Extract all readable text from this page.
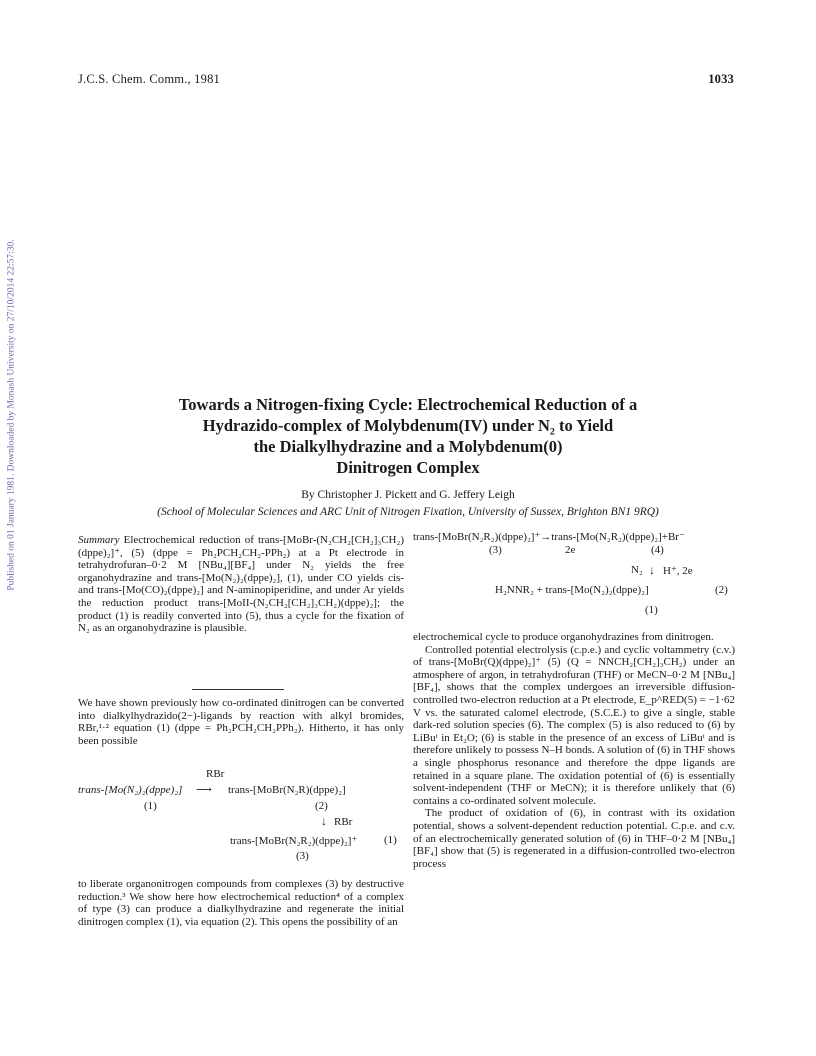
J.C.S. Chem. Comm., 1981	1033
Published on 01 January 1981. Downloaded by Monash University on 27/10/2014 22:57:30.	Towards a Nitrogen-fixing Cycle: Electrochemical Reduction of a
Hydrazido-complex of Molybdenum(IV) under N₂ to Yield
the Dialkylhydrazine and a Molybdenum(0)
Dinitrogen Complex
By Christopher J. Pickett and G. Jeffery Leigh
(School of Molecular Sciences and ARC Unit of Nitrogen Fixation, University of Sussex, Brighton BN1 9RQ)

Summary Electrochemical reduction of trans-[MoBr-(N₂CH₂[CH₂]₃CH₂)(dppe)₂]⁺, (5) (dppe = Ph₂PCH₂CH₂-PPh₂) at a Pt electrode in tetrahydrofuran–0·2 M [NBu₄][BF₄] under N₂ yields the free organohydrazine and trans-[Mo(N₂)₂(dppe)₂], (1), under CO yields cis- and trans-[Mo(CO)₂(dppe)₂] and N-aminopiperidine, and under Ar yields the reduction product trans-[MoII-(N₂CH₂[CH₂]₃CH₂)(dppe)₂]; the product (1) is readily converted into (5), thus a cycle for the fixation of N₂ as an organohydrazine is plausible.

We have shown previously how co-ordinated dinitrogen can be converted into dialkylhydrazido(2−)-ligands by reaction with alkyl bromides, RBr,¹·² equation (1) (dppe = Ph₂PCH₂CH₂PPh₂). Hitherto, it has only been possible

RBr
trans-[Mo(N₂)₂(dppe)₂] ⟶ trans-[MoBr(N₂R)(dppe)₂]
(1)	(2)
↓ RBr
trans-[MoBr(N₂R₂)(dppe)₂]⁺ (1)
(3)

to liberate organonitrogen compounds from complexes (3) by destructive reduction.³ We show here how electrochemical reduction⁴ of a complex of type (3) can produce a dialkylhydrazine and regenerate the initial dinitrogen complex (1), via equation (2). This opens the possibility of an

trans-[MoBr(N₂R₂)(dppe)₂]⁺→trans-[Mo(N₂R₂)(dppe)₂]+Br⁻
(3)	2e	(4)
N₂ ↓ H⁺, 2e
H₂NNR₂ + trans-[Mo(N₂)₂(dppe)₂]	(2)
(1)

electrochemical cycle to produce organohydrazines from dinitrogen.

Controlled potential electrolysis (c.p.e.) and cyclic voltammetry (c.v.) of trans-[MoBr(Q)(dppe)₂]⁺ (5) (Q = NNCH₂[CH₂]₃CH₂) under an atmosphere of argon, in tetrahydrofuran (THF) or MeCN–0·2 M [NBu₄][BF₄], shows that the complex undergoes an irreversible diffusion-controlled two-electron reduction at a Pt electrode, E_p^RED(5) = −1·62 V vs. the saturated calomel electrode, (S.C.E.) to give a single, stable dark-red solution species (6). The complex (5) is also reduced to (6) by LiBuᵗ in Et₂O; (6) is stable in the presence of an excess of LiBuᵗ and is therefore unlikely to possess N–H bonds. A solution of (6) in THF shows a single phosphorus resonance and therefore the dppe ligands are retained in a square plane. The oxidation potential of (6) is essentially solvent-independent (THF or MeCN); it is therefore unlikely that (6) contains a co-ordinated solvent molecule.

The product of oxidation of (6), in contrast with its oxidation potential, shows a solvent-dependent reduction potential. C.p.e. and c.v. of an electrochemically generated solution of (6) in THF–0·2 M [NBu₄][BF₄] show that (5) is regenerated in a diffusion-controlled two-electron process
